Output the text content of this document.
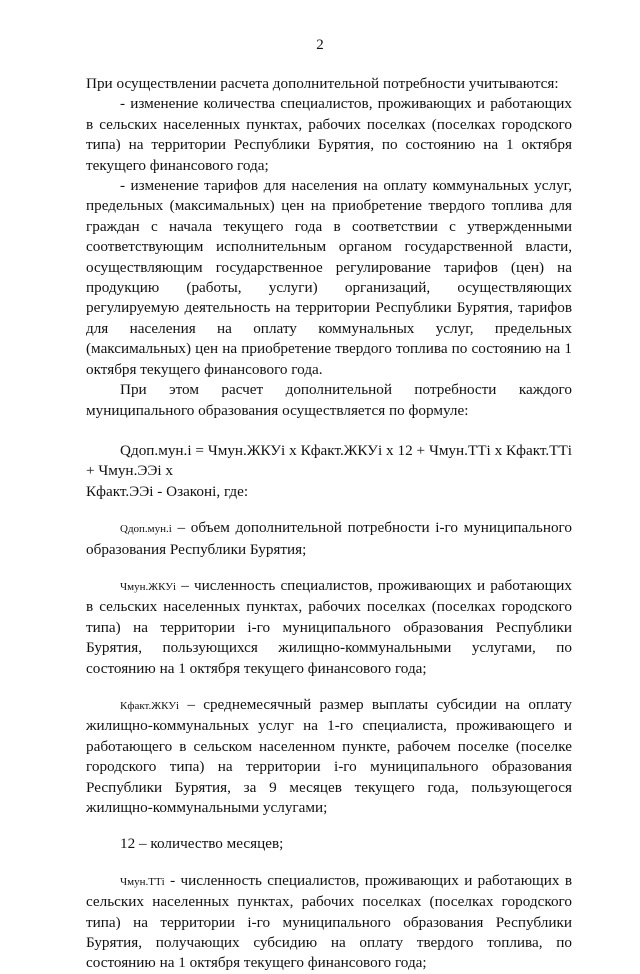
2

При осуществлении расчета дополнительной потребности учитываются:

- изменение количества специалистов, проживающих и работающих в сельских населенных пунктах, рабочих поселках (поселках городского типа) на территории Республики Бурятия, по состоянию на 1 октября текущего финансового года;

- изменение тарифов для населения на оплату коммунальных услуг, предельных (максимальных) цен на приобретение твердого топлива для граждан с начала текущего года в соответствии с утвержденными соответствующим исполнительным органом государственной власти, осуществляющим государственное регулирование тарифов (цен) на продукцию (работы, услуги) организаций, осуществляющих регулируемую деятельность на территории Республики Бурятия, тарифов для населения на оплату коммунальных услуг, предельных (максимальных) цен на приобретение твердого топлива по состоянию на 1 октября текущего финансового года.

При этом расчет дополнительной потребности каждого муниципального образования осуществляется по формуле:

Qдоп.мун.i = Чмун.ЖКУi x Кфакт.ЖКУi x 12 + Чмун.ТТi x Кфакт.ТТi + Чмун.ЭЭi x

Кфакт.ЭЭi - Oзаконi, где:

Qдоп.мун.i – объем дополнительной потребности i-го муниципального образования Республики Бурятия;

Чмун.ЖКУi – численность специалистов, проживающих и работающих в сельских населенных пунктах, рабочих поселках (поселках городского типа) на территории i-го муниципального образования Республики Бурятия, пользующихся жилищно-коммунальными услугами, по состоянию на 1 октября текущего финансового года;

Кфакт.ЖКУi – среднемесячный размер выплаты субсидии на оплату жилищно-коммунальных услуг на 1-го специалиста, проживающего и работающего в сельском населенном пункте, рабочем поселке (поселке городского типа) на территории i-го муниципального образования Республики Бурятия, за 9 месяцев текущего года, пользующегося жилищно-коммунальными услугами;

12 – количество месяцев;

Чмун.ТТi - численность специалистов, проживающих и работающих в сельских населенных пунктах, рабочих поселках (поселках городского типа) на территории i-го муниципального образования Республики Бурятия, получающих субсидию на оплату твердого топлива, по состоянию на 1 октября текущего финансового года;
